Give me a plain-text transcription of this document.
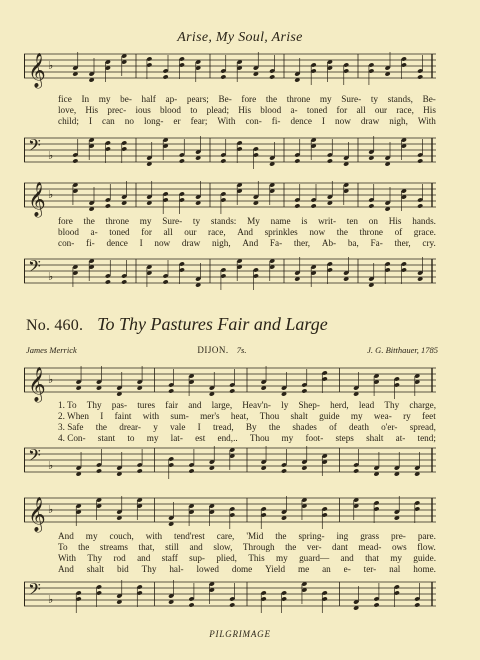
Arise, My Soul, Arise
𝄞 ♭
fice In my be- half ap- pears; Be- fore the throne my Sure- ty stands, Be-
love, His prec- ious blood to plead; His blood a- toned for all our race, His
child; I can no long- er fear; With con- fi- dence I now draw nigh, With
𝄢 ♭
𝄞 ♭
fore the throne my Sure- ty stands: My name is writ- ten on His hands.
blood a- toned for all our race, And sprinkles now the throne of grace.
con- fi- dence I now draw nigh, And Fa- ther, Ab- ba, Fa- ther, cry.
𝄢 ♭
No. 460. To Thy Pastures Fair and Large
James Merrick	DIJON. 7s.	J. G. Bitthauer, 1785
𝄞 ♭
1. To Thy pas- tures fair and large, Heav'n- ly Shep- herd, lead Thy charge,
2. When I faint with sum- mer's heat, Thou shalt guide my wea- ry feet
3. Safe the drear- y vale I tread, By the shades of death o'er- spread,
4. Con- stant to my lat- est end,.. Thou my foot- steps shalt at- tend;
𝄢 ♭
𝄞 ♭
And my couch, with tend'rest care, 'Mid the spring- ing grass pre- pare.
To the streams that, still and slow, Through the ver- dant mead- ows flow.
With Thy rod and staff sup- plied, This my guard— and that my guide.
And shalt bid Thy hal- lowed dome Yield me an e- ter- nal home.
𝄢 ♭
PILGRIMAGE
